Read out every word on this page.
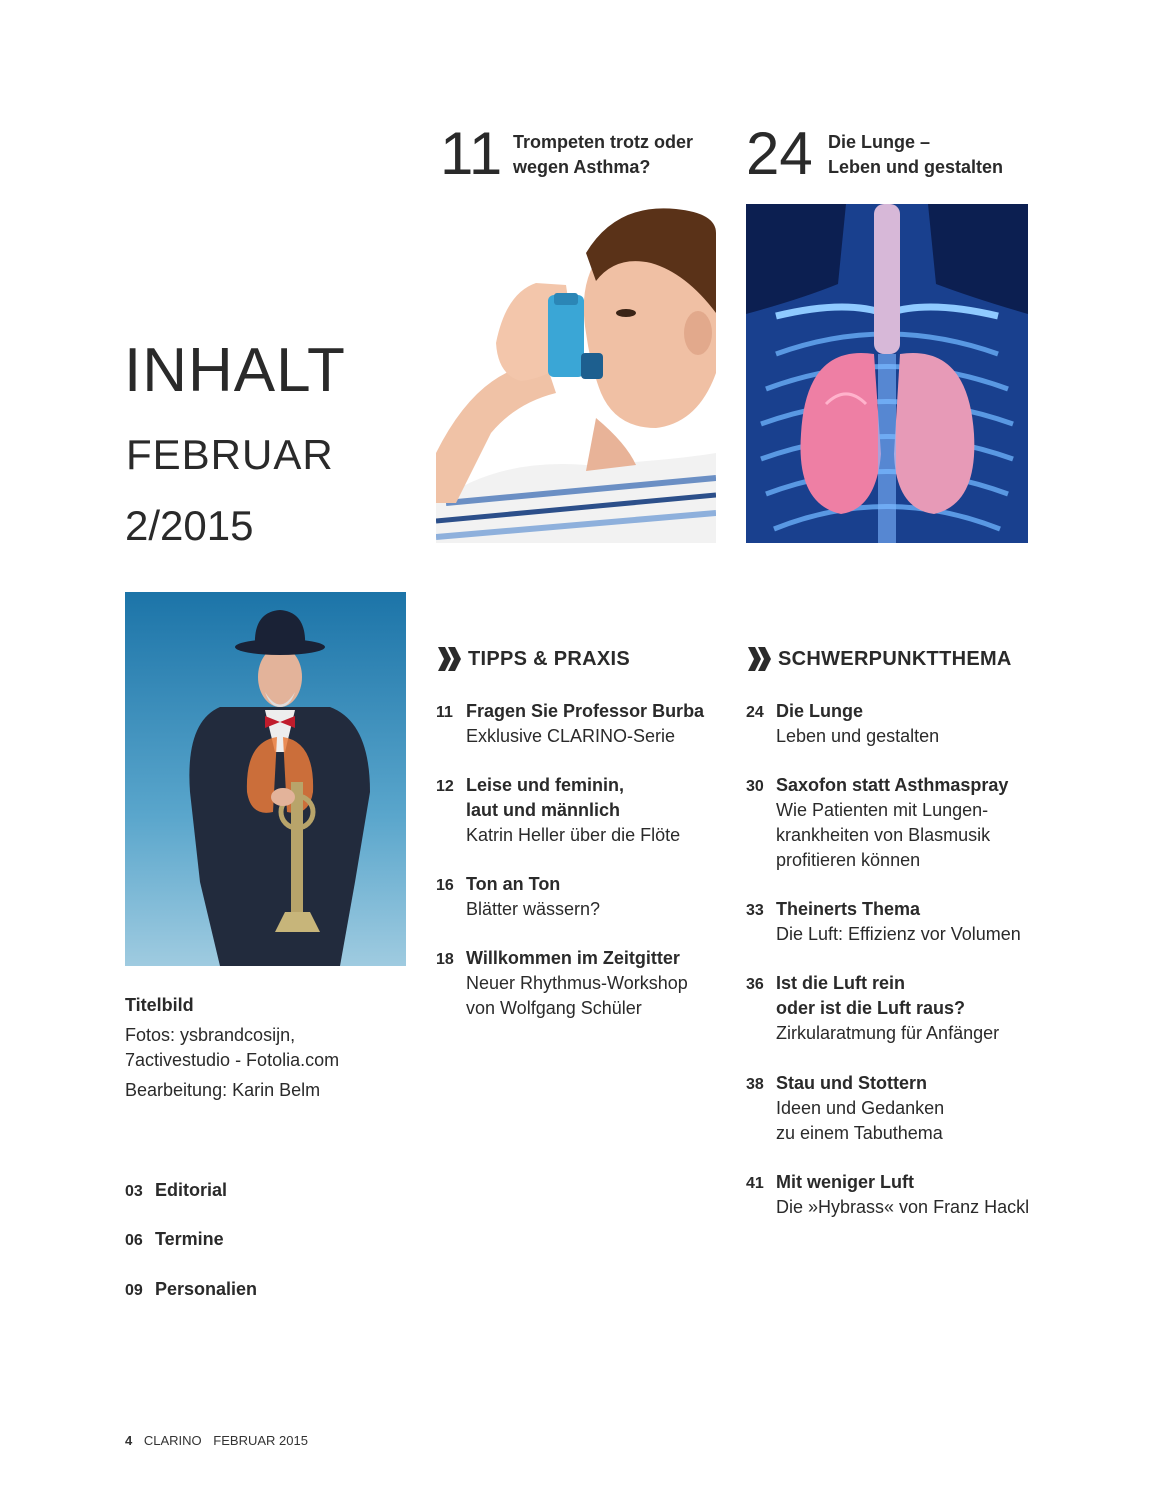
INHALT
FEBRUAR
2/2015
11 Trompeten trotz oder
wegen Asthma?	24 Die Lunge –
Leben und gestalten
Titelbild
Fotos: ysbrandcosijn,
7activestudio - Fotolia.com
Bearbeitung: Karin Belm
03 Editorial
06 Termine
09 Personalien
TIPPS & PRAXIS
11 Fragen Sie Professor Burba
Exklusive CLARINO-Serie
12 Leise und feminin,
laut und männlich
Katrin Heller über die Flöte
16 Ton an Ton
Blätter wässern?
18 Willkommen im Zeitgitter
Neuer Rhythmus-Workshop
von Wolfgang Schüler
SCHWERPUNKTTHEMA
24 Die Lunge
Leben und gestalten
30 Saxofon statt Asthmaspray
Wie Patienten mit Lungen-
krankheiten von Blasmusik
profitieren können
33 Theinerts Thema
Die Luft: Effizienz vor Volumen
36 Ist die Luft rein
oder ist die Luft raus?
Zirkularatmung für Anfänger
38 Stau und Stottern
Ideen und Gedanken
zu einem Tabuthema
41 Mit weniger Luft
Die »Hybrass« von Franz Hackl
4 CLARINO FEBRUAR 2015
